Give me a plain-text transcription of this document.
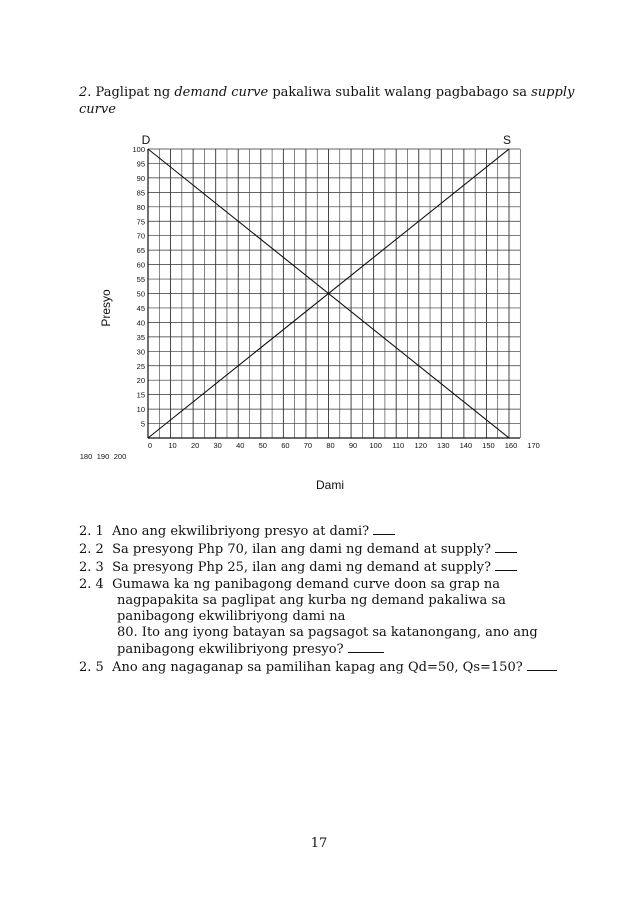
2. Paglipat ng demand curve pakaliwa subalit walang pagbabago sa supply
curve
5
10
15
20
25
30
35
40
45
50
55
60
65
70
75
80
85
90
95
100
0 10 20 30 40 50 60 70 80 90 100 110 120 130 140 150 160 170
180 190 200
D	S
Presyo
Dami
2. 1 Ano ang ekwilibriyong presyo at dami?
2. 2 Sa presyong Php 70, ilan ang dami ng demand at supply?
2. 3 Sa presyong Php 25, ilan ang dami ng demand at supply?
2. 4 Gumawa ka ng panibagong demand curve doon sa grap na
nagpapakita sa paglipat ang kurba ng demand pakaliwa sa
panibagong ekwilibriyong dami na
80. Ito ang iyong batayan sa pagsagot sa katanongang, ano ang
panibagong ekwilibriyong presyo?
2. 5 Ano ang nagaganap sa pamilihan kapag ang Qd=50, Qs=150?
17
